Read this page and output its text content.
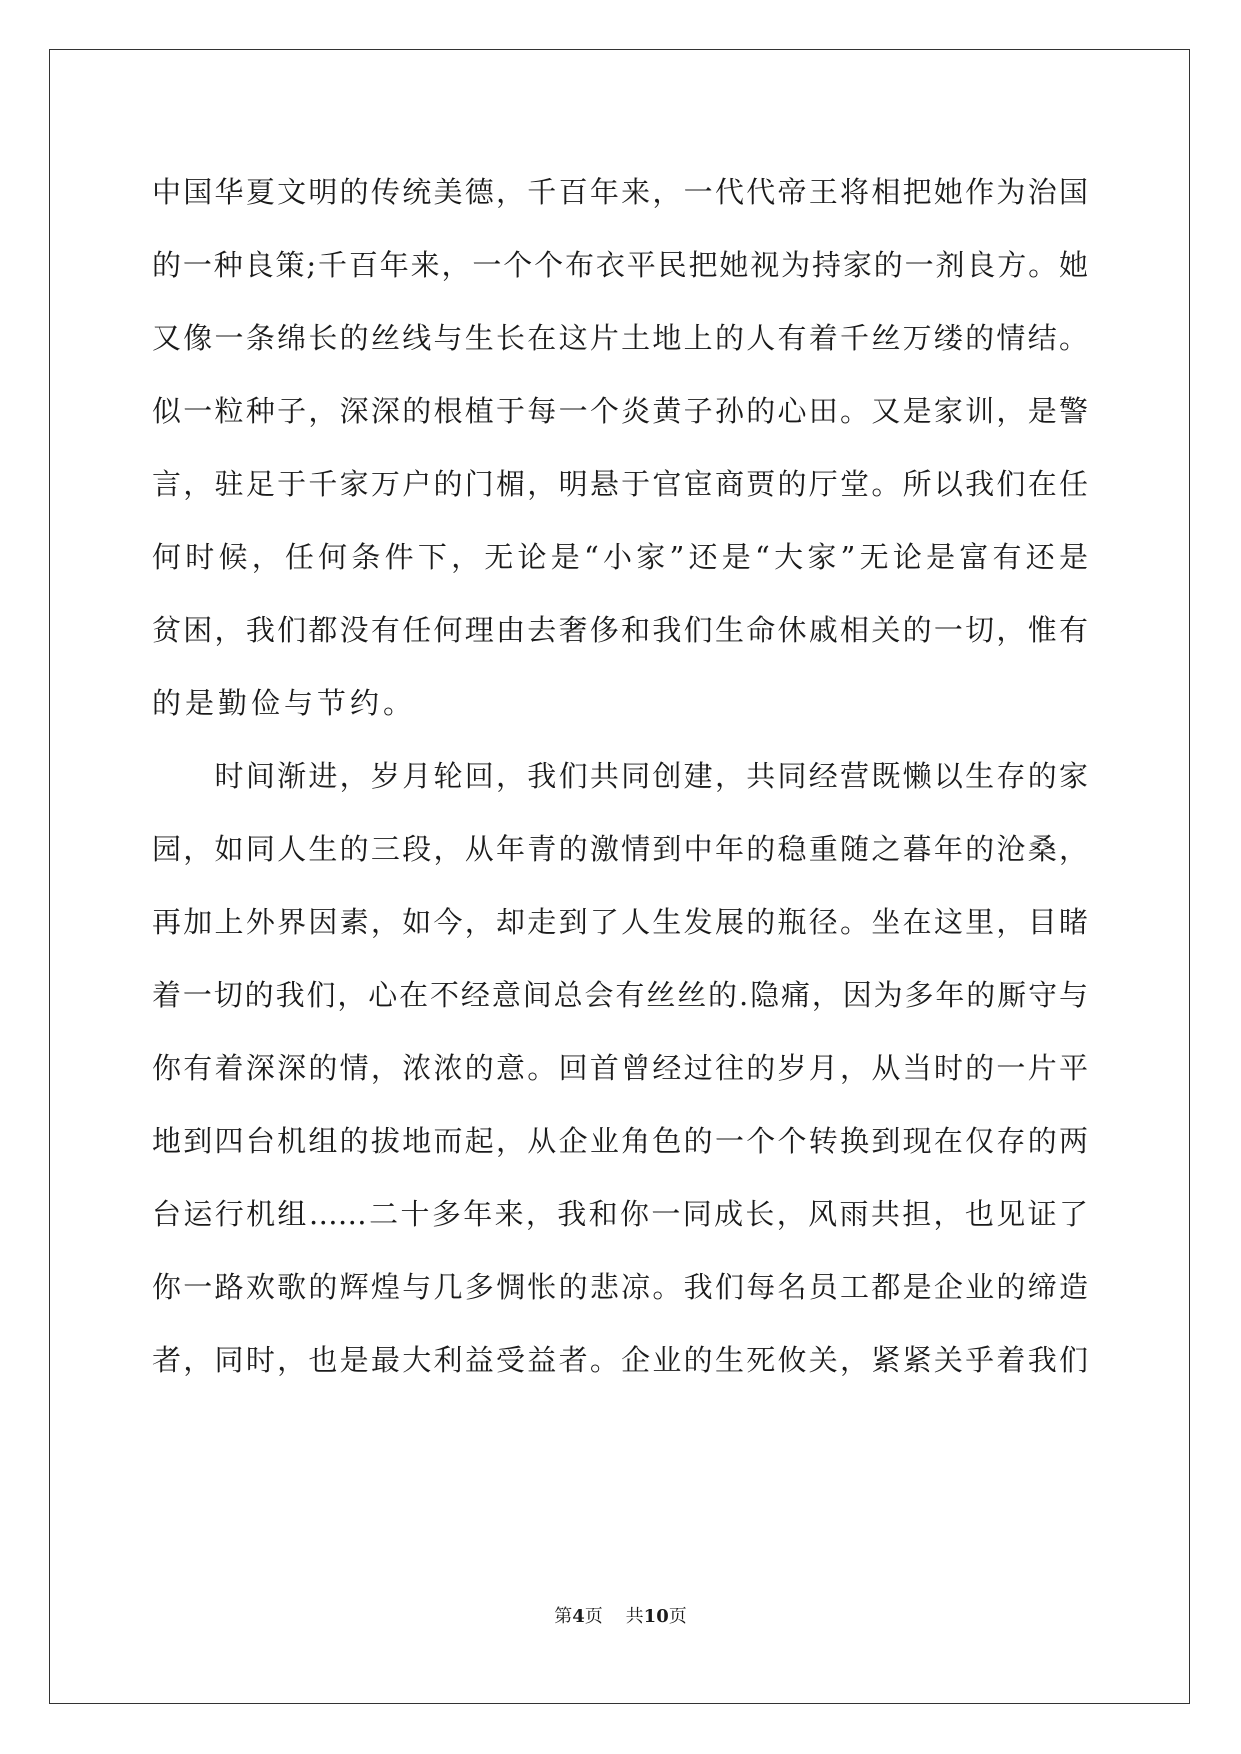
中国华夏文明的传统美德，千百年来，一代代帝王将相把她作为治国
的一种良策;千百年来，一个个布衣平民把她视为持家的一剂良方。她
又像一条绵长的丝线与生长在这片土地上的人有着千丝万缕的情结。
似一粒种子，深深的根植于每一个炎黄子孙的心田。又是家训，是警
言，驻足于千家万户的门楣，明悬于官宦商贾的厅堂。所以我们在任
何时候，任何条件下，无论是“小家”还是“大家”无论是富有还是
贫困，我们都没有任何理由去奢侈和我们生命休戚相关的一切，惟有
的是勤俭与节约。
　　时间渐进，岁月轮回，我们共同创建，共同经营既懒以生存的家
园，如同人生的三段，从年青的激情到中年的稳重随之暮年的沧桑，
再加上外界因素，如今，却走到了人生发展的瓶径。坐在这里，目睹
着一切的我们，心在不经意间总会有丝丝的.隐痛，因为多年的厮守与
你有着深深的情，浓浓的意。回首曾经过往的岁月，从当时的一片平
地到四台机组的拔地而起，从企业角色的一个个转换到现在仅存的两
台运行机组……二十多年来，我和你一同成长，风雨共担，也见证了
你一路欢歌的辉煌与几多惆怅的悲凉。我们每名员工都是企业的缔造
者，同时，也是最大利益受益者。企业的生死攸关，紧紧关乎着我们
第4页 共10页
